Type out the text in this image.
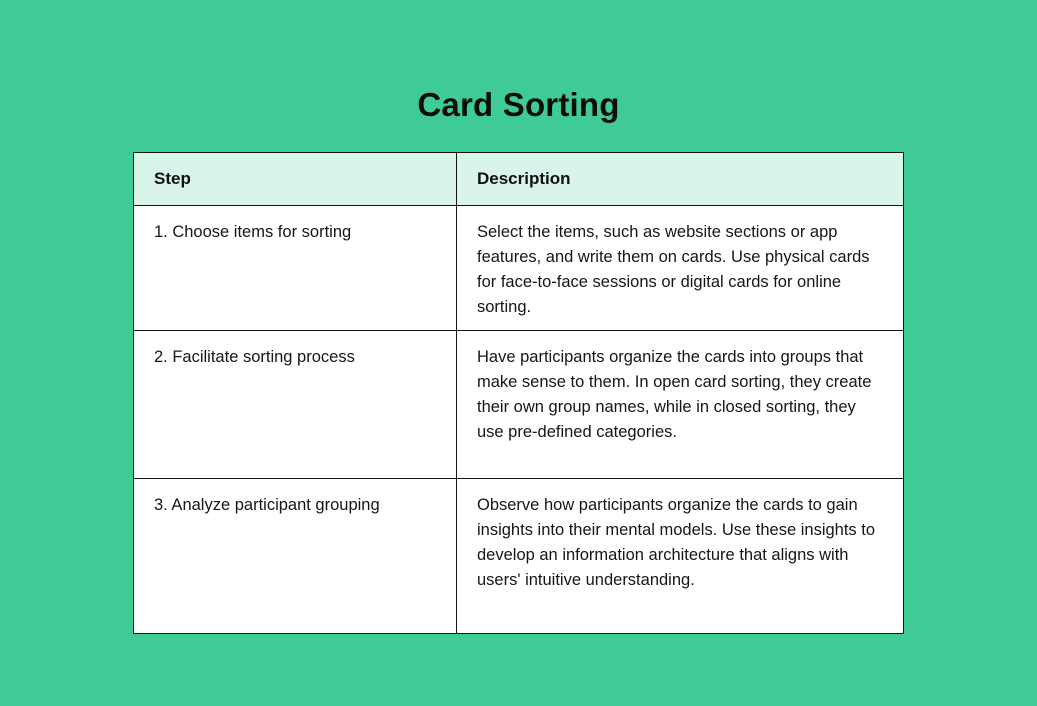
Card Sorting
Step	Description
1. Choose items for sorting	Select the items, such as website sections or app features, and write them on cards. Use physical cards for face-to-face sessions or digital cards for online sorting.
2. Facilitate sorting process	Have participants organize the cards into groups that make sense to them. In open card sorting, they create their own group names, while in closed sorting, they use pre-defined categories.
3. Analyze participant grouping	Observe how participants organize the cards to gain insights into their mental models. Use these insights to develop an information architecture that aligns with users' intuitive understanding.
